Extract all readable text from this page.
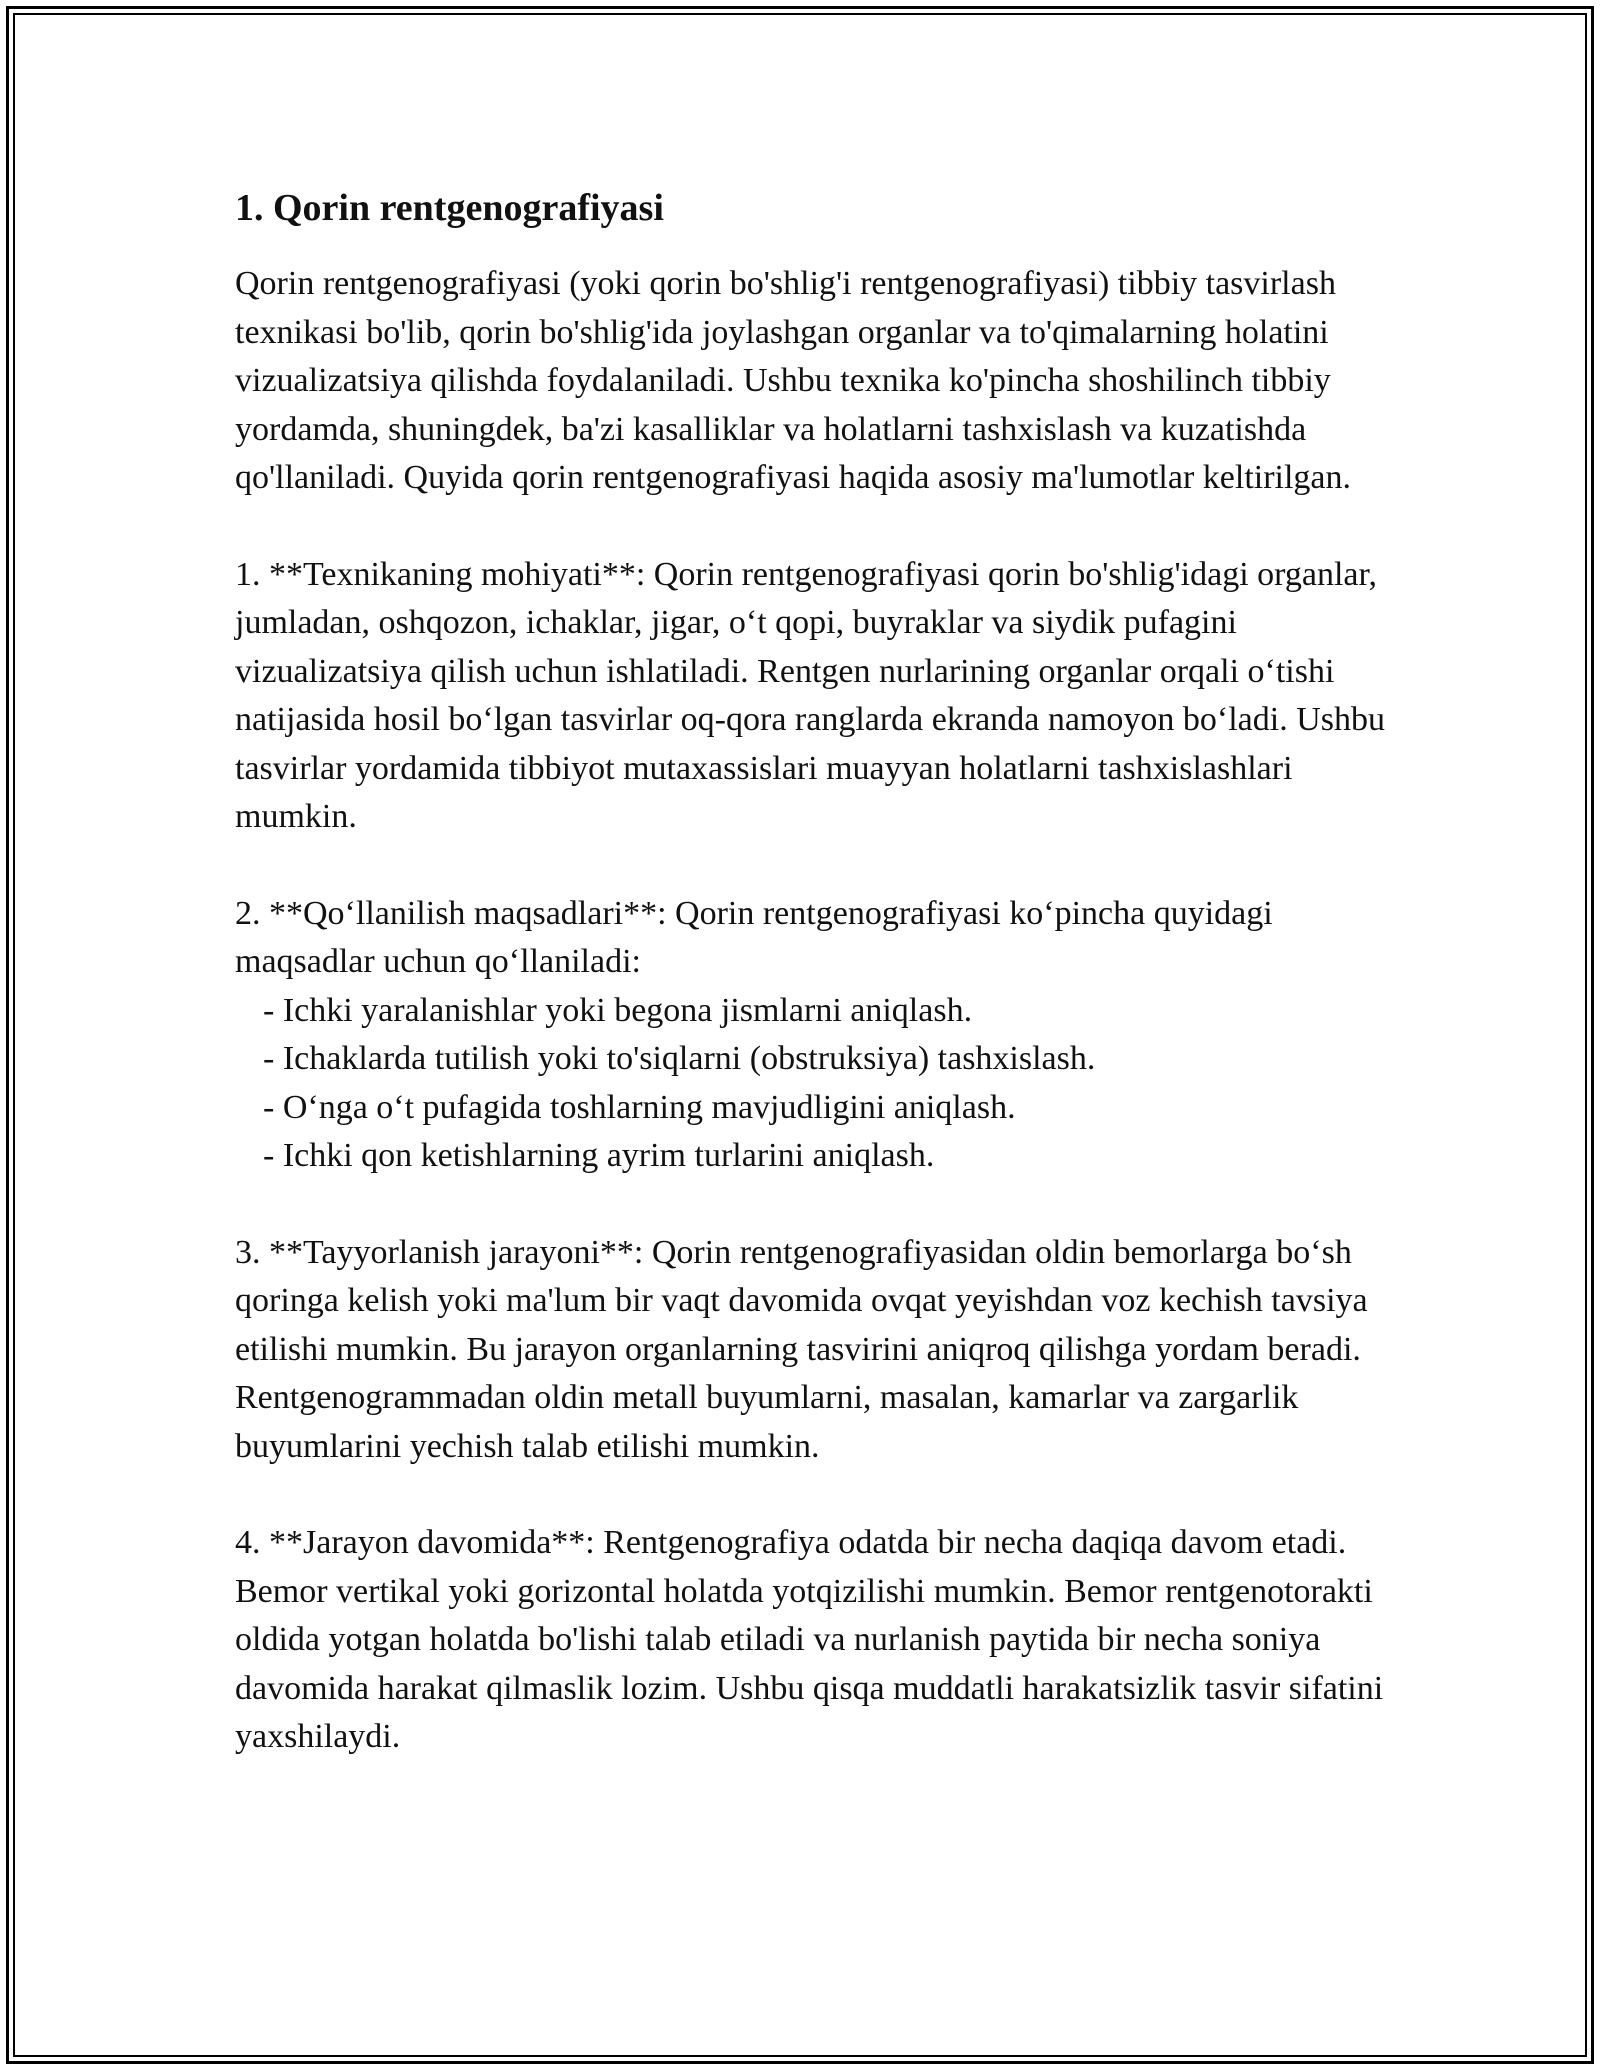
1. Qorin rentgenografiyasi

Qorin rentgenografiyasi (yoki qorin bo'shlig'i rentgenografiyasi) tibbiy tasvirlash texnikasi bo'lib, qorin bo'shlig'ida joylashgan organlar va to'qimalarning holatini vizualizatsiya qilishda foydalaniladi. Ushbu texnika ko'pincha shoshilinch tibbiy yordamda, shuningdek, ba'zi kasalliklar va holatlarni tashxislash va kuzatishda qo'llaniladi. Quyida qorin rentgenografiyasi haqida asosiy ma'lumotlar keltirilgan.

1. **Texnikaning mohiyati**: Qorin rentgenografiyasi qorin bo'shlig'idagi organlar, jumladan, oshqozon, ichaklar, jigar, o‘t qopi, buyraklar va siydik pufagini vizualizatsiya qilish uchun ishlatiladi. Rentgen nurlarining organlar orqali o‘tishi natijasida hosil bo‘lgan tasvirlar oq-qora ranglarda ekranda namoyon bo‘ladi. Ushbu tasvirlar yordamida tibbiyot mutaxassislari muayyan holatlarni tashxislashlari mumkin.

2. **Qo‘llanilish maqsadlari**: Qorin rentgenografiyasi ko‘pincha quyidagi maqsadlar uchun qo‘llaniladi:

- Ichki yaralanishlar yoki begona jismlarni aniqlash.
- Ichaklarda tutilish yoki to'siqlarni (obstruksiya) tashxislash.
- O‘nga o‘t pufagida toshlarning mavjudligini aniqlash.
- Ichki qon ketishlarning ayrim turlarini aniqlash.

3. **Tayyorlanish jarayoni**: Qorin rentgenografiyasidan oldin bemorlarga bo‘sh qoringa kelish yoki ma'lum bir vaqt davomida ovqat yeyishdan voz kechish tavsiya etilishi mumkin. Bu jarayon organlarning tasvirini aniqroq qilishga yordam beradi. Rentgenogrammadan oldin metall buyumlarni, masalan, kamarlar va zargarlik buyumlarini yechish talab etilishi mumkin.

4. **Jarayon davomida**: Rentgenografiya odatda bir necha daqiqa davom etadi. Bemor vertikal yoki gorizontal holatda yotqizilishi mumkin. Bemor rentgenotorakti oldida yotgan holatda bo'lishi talab etiladi va nurlanish paytida bir necha soniya davomida harakat qilmaslik lozim. Ushbu qisqa muddatli harakatsizlik tasvir sifatini yaxshilaydi.
